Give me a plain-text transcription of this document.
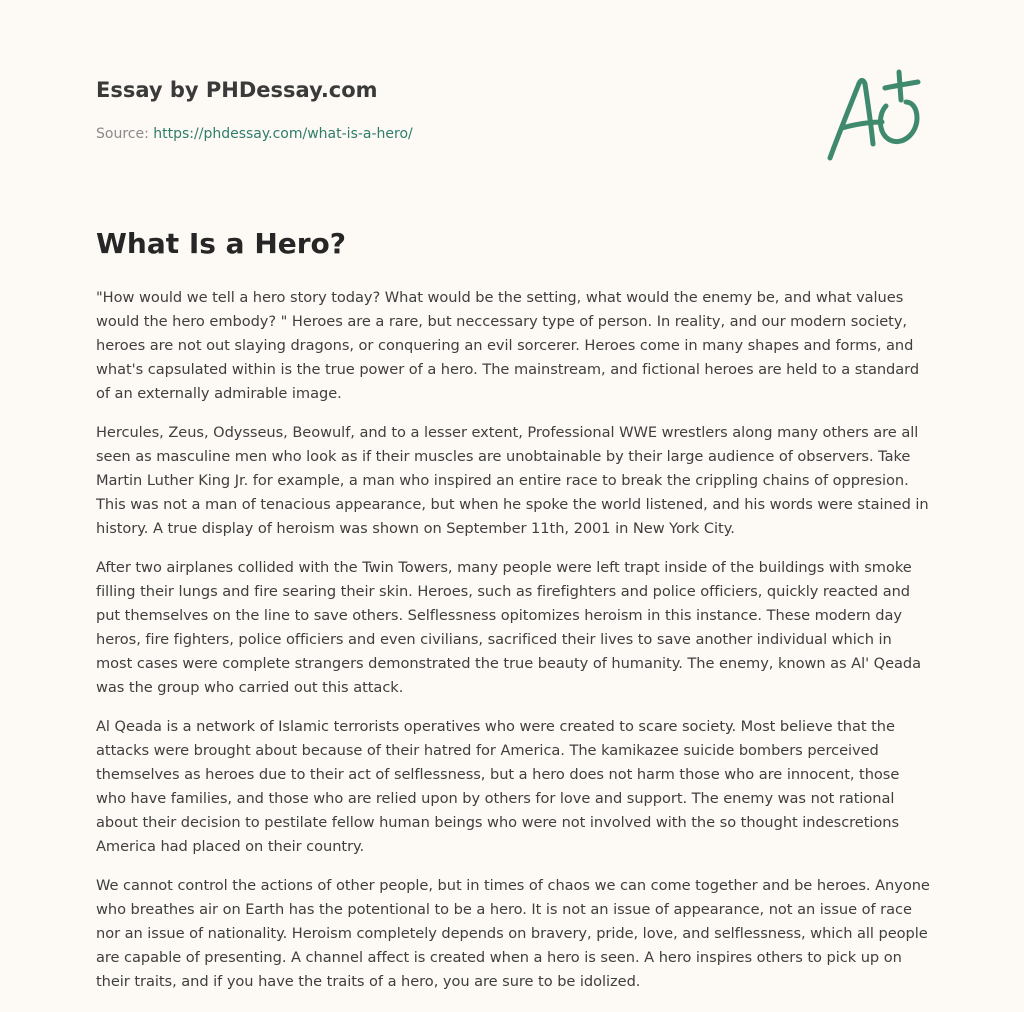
Essay by PHDessay.com
Source: https://phdessay.com/what-is-a-hero/
What Is a Hero?

"How would we tell a hero story today? What would be the setting, what would the enemy be, and what values would the hero embody? " Heroes are a rare, but neccessary type of person. In reality, and our modern society, heroes are not out slaying dragons, or conquering an evil sorcerer. Heroes come in many shapes and forms, and what's capsulated within is the true power of a hero. The mainstream, and fictional heroes are held to a standard of an externally admirable image.

Hercules, Zeus, Odysseus, Beowulf, and to a lesser extent, Professional WWE wrestlers along many others are all seen as masculine men who look as if their muscles are unobtainable by their large audience of observers. Take Martin Luther King Jr. for example, a man who inspired an entire race to break the crippling chains of oppresion. This was not a man of tenacious appearance, but when he spoke the world listened, and his words were stained in history. A true display of heroism was shown on September 11th, 2001 in New York City.

After two airplanes collided with the Twin Towers, many people were left trapt inside of the buildings with smoke filling their lungs and fire searing their skin. Heroes, such as firefighters and police officiers, quickly reacted and put themselves on the line to save others. Selflessness opitomizes heroism in this instance. These modern day heros, fire fighters, police officiers and even civilians, sacrificed their lives to save another individual which in most cases were complete strangers demonstrated the true beauty of humanity. The enemy, known as Al' Qeada was the group who carried out this attack.

Al Qeada is a network of Islamic terrorists operatives who were created to scare society. Most believe that the attacks were brought about because of their hatred for America. The kamikazee suicide bombers perceived themselves as heroes due to their act of selflessness, but a hero does not harm those who are innocent, those who have families, and those who are relied upon by others for love and support. The enemy was not rational about their decision to pestilate fellow human beings who were not involved with the so thought indescretions America had placed on their country.

We cannot control the actions of other people, but in times of chaos we can come together and be heroes. Anyone who breathes air on Earth has the potentional to be a hero. It is not an issue of appearance, not an issue of race nor an issue of nationality. Heroism completely depends on bravery, pride, love, and selflessness, which all people are capable of presenting. A channel affect is created when a hero is seen. A hero inspires others to pick up on their traits, and if you have the traits of a hero, you are sure to be idolized.
